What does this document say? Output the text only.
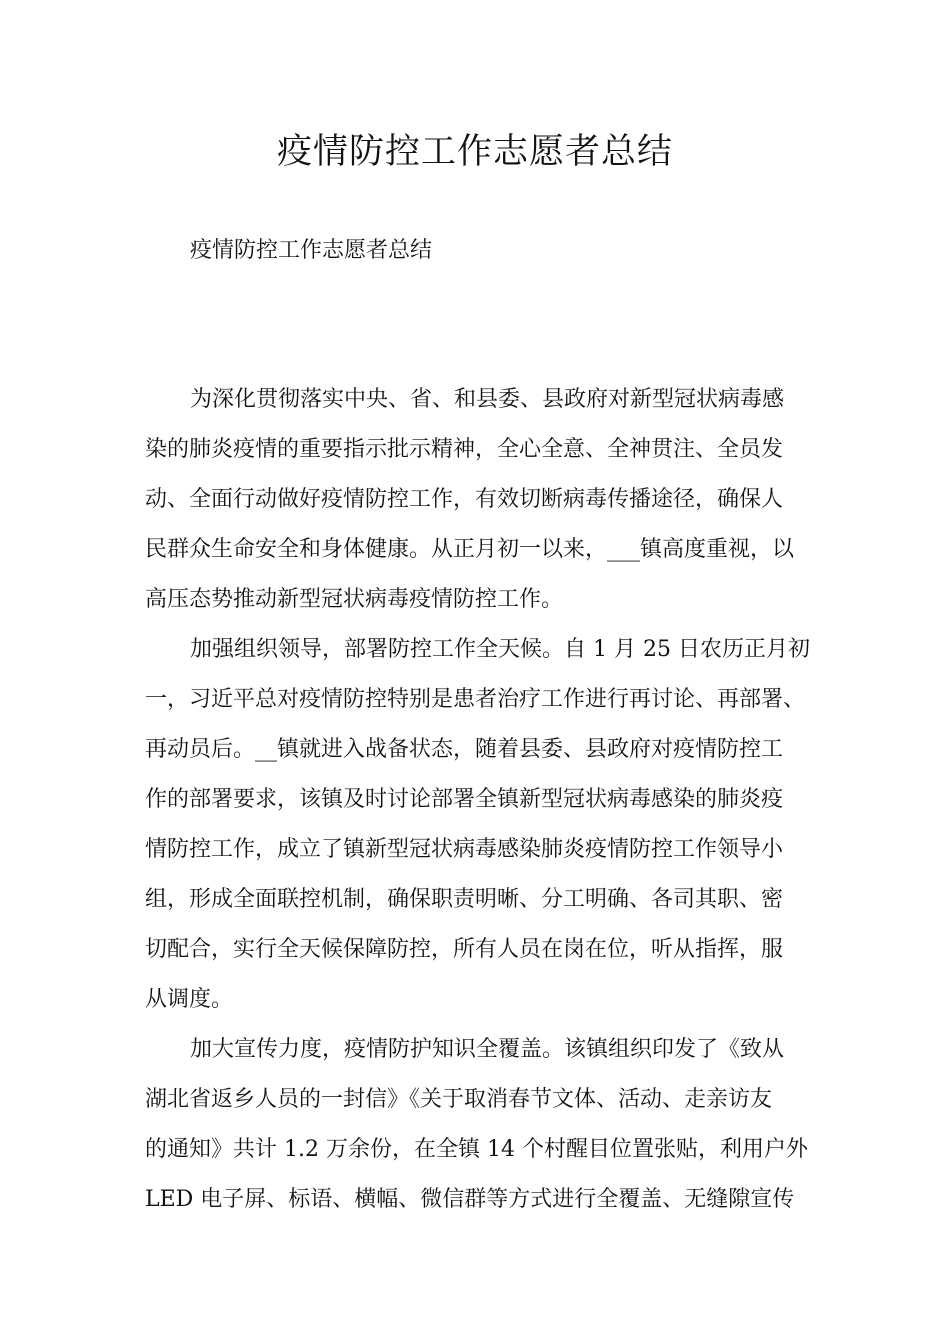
疫情防控工作志愿者总结

疫情防控工作志愿者总结

为深化贯彻落实中央、省、和县委、县政府对新型冠状病毒感

染的肺炎疫情的重要指示批示精神，全心全意、全神贯注、全员发

动、全面行动做好疫情防控工作，有效切断病毒传播途径，确保人

民群众生命安全和身体健康。从正月初一以来，___镇高度重视，以

高压态势推动新型冠状病毒疫情防控工作。

加强组织领导，部署防控工作全天候。自 1 月 25 日农历正月初

一，习近平总对疫情防控特别是患者治疗工作进行再讨论、再部署、

再动员后。__镇就进入战备状态，随着县委、县政府对疫情防控工

作的部署要求，该镇及时讨论部署全镇新型冠状病毒感染的肺炎疫

情防控工作，成立了镇新型冠状病毒感染肺炎疫情防控工作领导小

组，形成全面联控机制，确保职责明晰、分工明确、各司其职、密

切配合，实行全天候保障防控，所有人员在岗在位，听从指挥，服

从调度。

加大宣传力度，疫情防护知识全覆盖。该镇组织印发了《致从

湖北省返乡人员的一封信》《关于取消春节文体、活动、走亲访友

的通知》共计 1.2 万余份，在全镇 14 个村醒目位置张贴，利用户外

LED 电子屏、标语、横幅、微信群等方式进行全覆盖、无缝隙宣传
